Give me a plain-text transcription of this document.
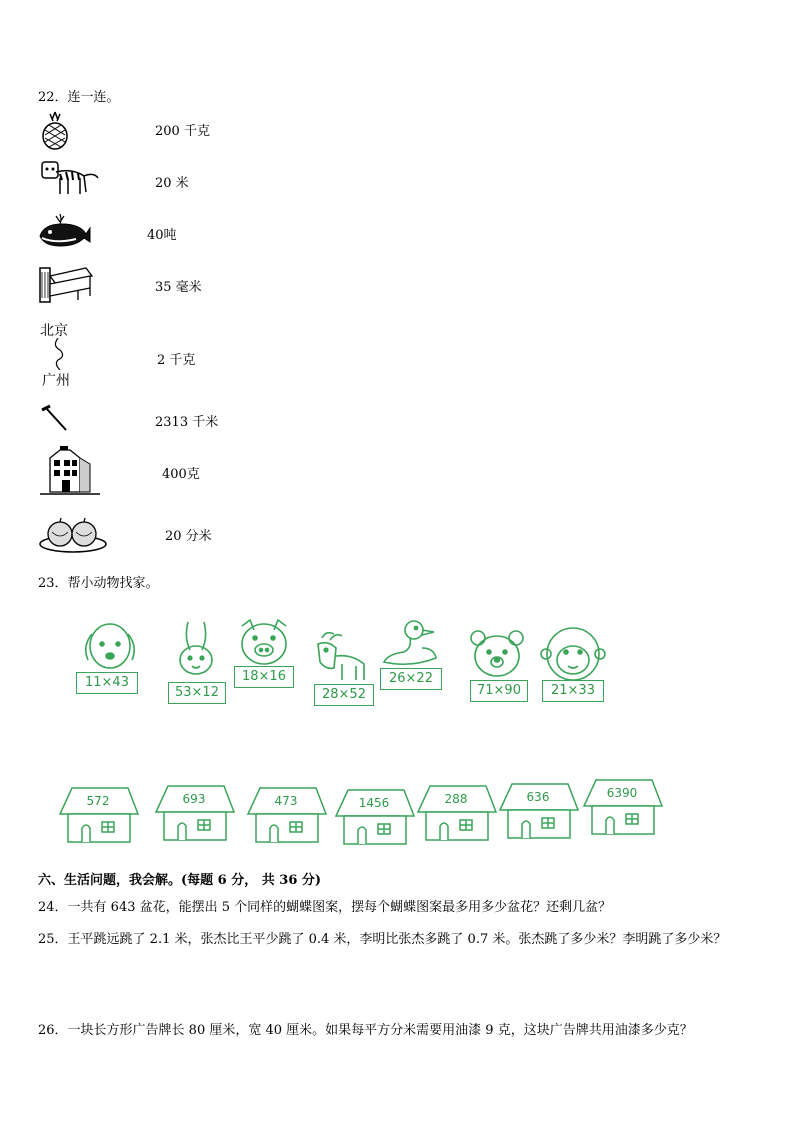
22．连一连。
200 千克
20 米
40吨
35 毫米
北京
广州
2 千克
2313 千米
400克
20 分米
23．帮小动物找家。
11×43
53×12
18×16
28×52
26×22
71×90	21×33
572	693	473	1456	288	636	6390
六、生活问题，我会解。(每题 6 分， 共 36 分)
24．一共有 643 盆花，能摆出 5 个同样的蝴蝶图案，摆每个蝴蝶图案最多用多少盆花？还剩几盆？
25．王平跳远跳了 2.1 米，张杰比王平少跳了 0.4 米，李明比张杰多跳了 0.7 米。张杰跳了多少米？李明跳了多少米？
26．一块长方形广告牌长 80 厘米，宽 40 厘米。如果每平方分米需要用油漆 9 克，这块广告牌共用油漆多少克？
